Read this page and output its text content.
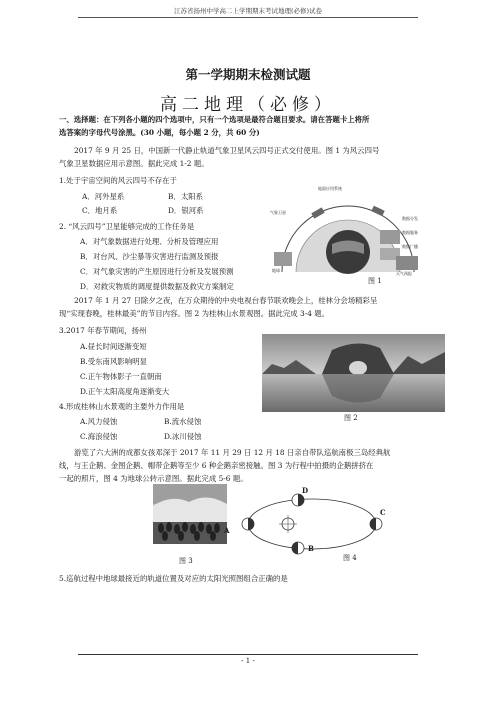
江苏省扬州中学高二上学期期末考试地理(必修)试卷
第一学期期末检测试题
高二地理（必修）
一、选择题：在下列各小题的四个选项中，只有一个选项是最符合题目要求。请在答题卡上将所
选答案的字母代号涂黑。(30 小题，每小题 2 分，共 60 分)
2017 年 9 月 25 日，中国新一代静止轨道气象卫星风云四号正式交付使用。图 1 为风云四号
气象卫星数据应用示意图。据此完成 1-2 题。
1.处于宇宙空间的风云四号不存在于
A．河外星系	B．太阳系
C．地月系	D．银河系
2. “风云四号”卫星能够完成的工作任务是
A．对气象数据进行处理、分析及管理应用
B．对台风、沙尘暴等灾害进行监测及预报
C．对气象灾害的产生原因进行分析及发展预测
D．对救灾物质的调度提供数据及救灾方案制定
地面应用系统
气象卫星
数据分发
数据服务
数据广播
地球
天气预报
图 1
2017 年 1 月 27 日除夕之夜，在万众期待的中央电视台春节联欢晚会上，桂林分会场精彩呈
现“实现春晚，桂林最美”的节目内容。图 2 为桂林山水景观图。据此完成 3-4 题。
3.2017 年春节期间，扬州
A.昼长时间逐渐变短
B.受东南风影响明显
C.正午物体影子一直朝南
D.正午太阳高度角逐渐变大
4.形成桂林山水景观的主要外力作用是
A.风力侵蚀	B.流水侵蚀
C.海浪侵蚀	D.冰川侵蚀
图 2
游览了六大洲的成都女孩邓深于 2017 年 11 月 29 日 12 月 18 日亲自带队巡航南极三岛经典航
线，与王企鹅、金图企鹅、帽带企鹅等至少 6 种企鹅亲密接触。图 3 为行程中拍摄的企鹅拼挤在
一起的照片，图 4 为地球公转示意图。据此完成 5-6 题。
图 3
A
B
C
D
图 4
5.巡航过程中地球最接近的轨道位置及对应的太阳光照图组合正确的是
- 1 -
